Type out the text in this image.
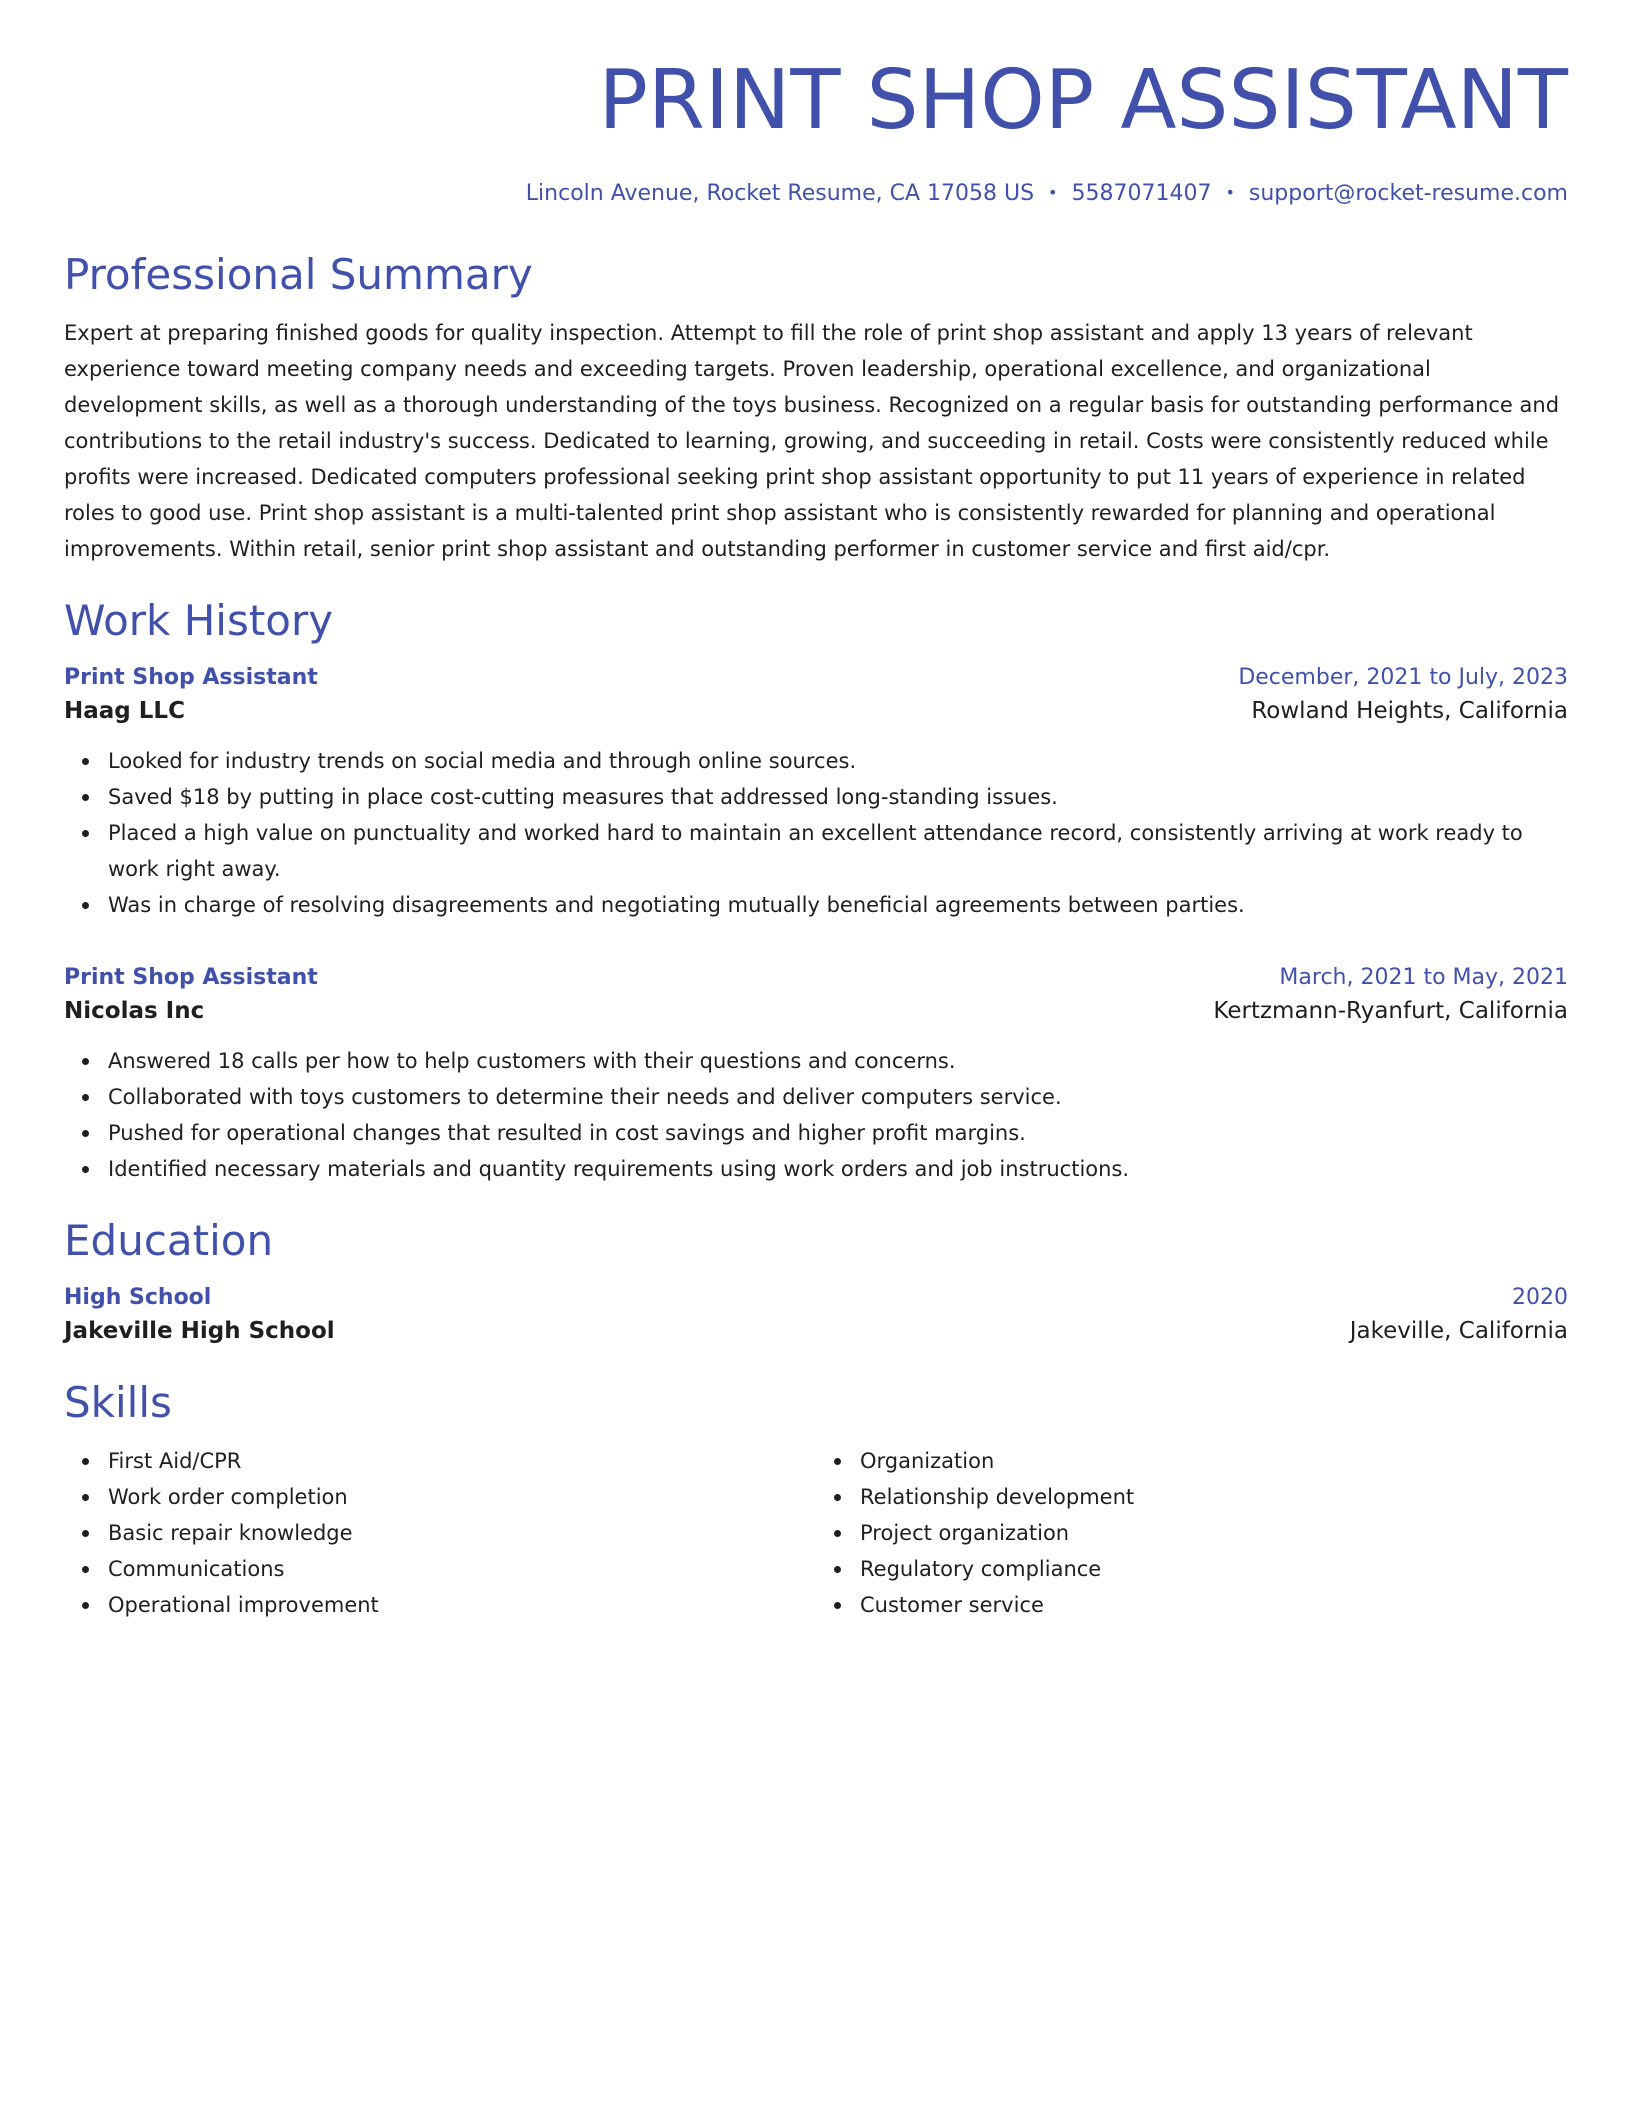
PRINT SHOP ASSISTANT
Lincoln Avenue, Rocket Resume, CA 17058 US • 5587071407 • support@rocket-resume.com
Professional Summary
Expert at preparing finished goods for quality inspection. Attempt to fill the role of print shop assistant and apply 13 years of relevant experience toward meeting company needs and exceeding targets. Proven leadership, operational excellence, and organizational development skills, as well as a thorough understanding of the toys business. Recognized on a regular basis for outstanding performance and contributions to the retail industry's success. Dedicated to learning, growing, and succeeding in retail. Costs were consistently reduced while profits were increased. Dedicated computers professional seeking print shop assistant opportunity to put 11 years of experience in related roles to good use. Print shop assistant is a multi-talented print shop assistant who is consistently rewarded for planning and operational improvements. Within retail, senior print shop assistant and outstanding performer in customer service and first aid/cpr.
Work History
Print Shop Assistant	December, 2021 to July, 2023
Haag LLC	Rowland Heights, California
Looked for industry trends on social media and through online sources.
Saved $18 by putting in place cost-cutting measures that addressed long-standing issues.
Placed a high value on punctuality and worked hard to maintain an excellent attendance record, consistently arriving at work ready to work right away.
Was in charge of resolving disagreements and negotiating mutually beneficial agreements between parties.
Print Shop Assistant	March, 2021 to May, 2021
Nicolas Inc	Kertzmann-Ryanfurt, California
Answered 18 calls per how to help customers with their questions and concerns.
Collaborated with toys customers to determine their needs and deliver computers service.
Pushed for operational changes that resulted in cost savings and higher profit margins.
Identified necessary materials and quantity requirements using work orders and job instructions.
Education
High School	2020
Jakeville High School	Jakeville, California
Skills
First Aid/CPR
Work order completion
Basic repair knowledge
Communications
Operational improvement
Organization
Relationship development
Project organization
Regulatory compliance
Customer service
